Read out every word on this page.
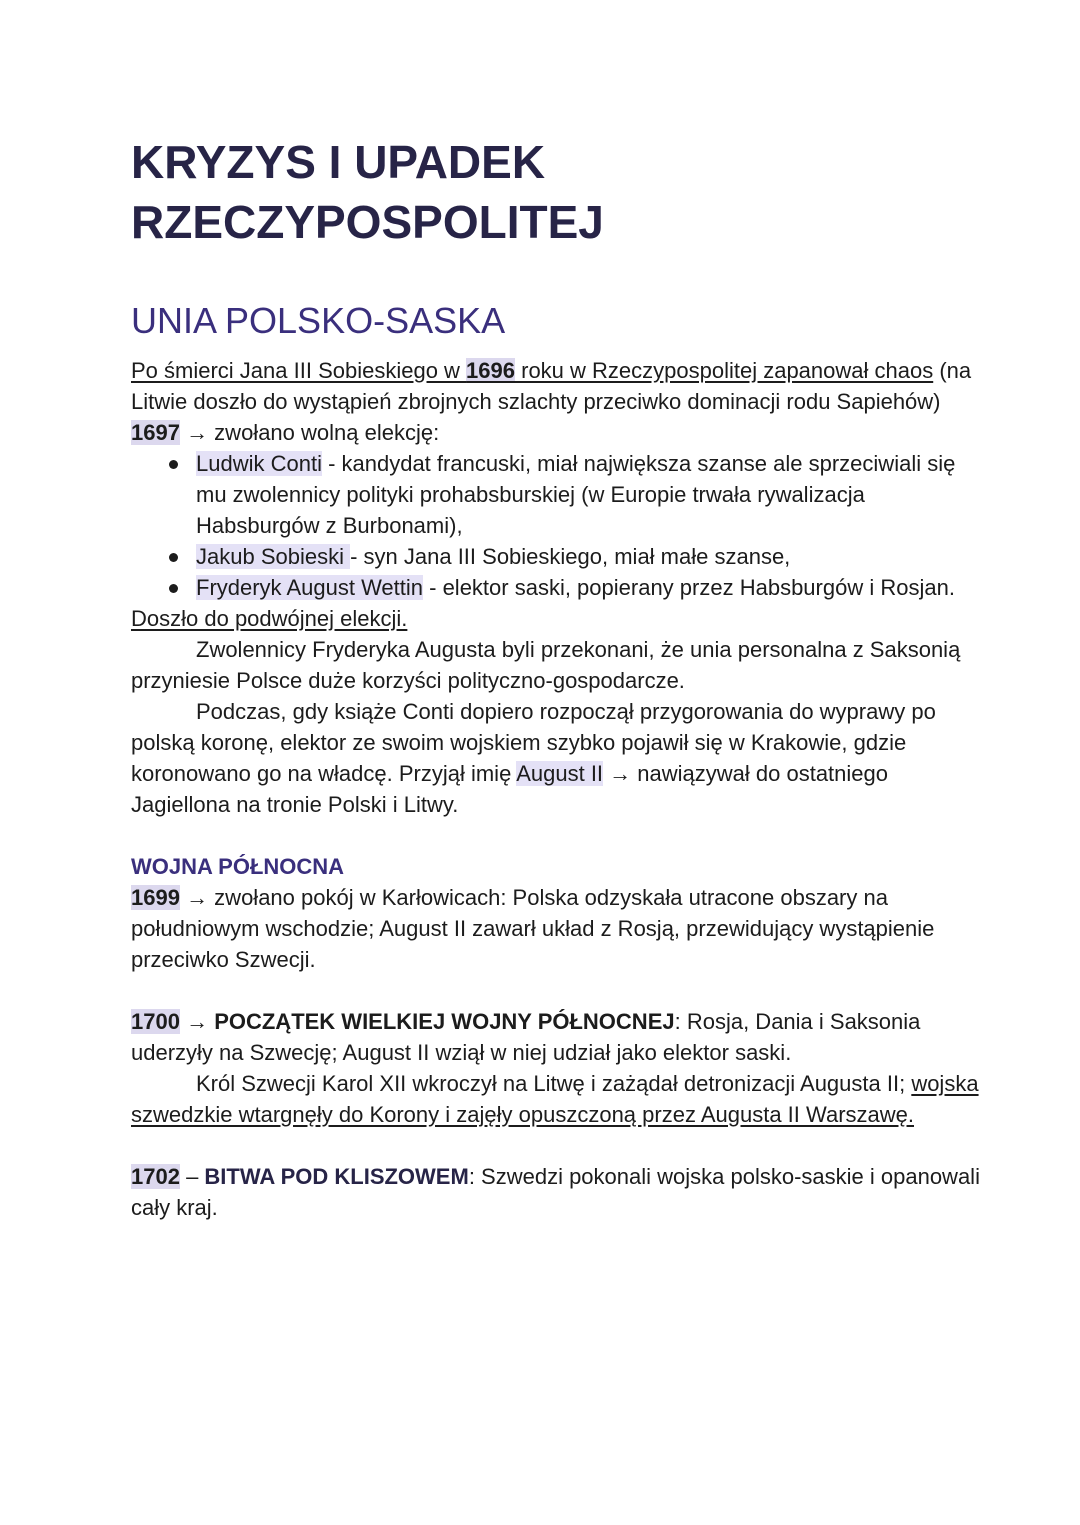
KRYZYS I UPADEK
RZECZYPOSPOLITEJ
UNIA POLSKO-SASKA

Po śmierci Jana III Sobieskiego w 1696 roku w Rzeczypospolitej zapanował chaos (na Litwie doszło do wystąpień zbrojnych szlachty przeciwko dominacji rodu Sapiehów)

1697 → zwołano wolną elekcję:

Ludwik Conti - kandydat francuski, miał największa szanse ale sprzeciwiali się mu zwolennicy polityki prohabsburskiej (w Europie trwała rywalizacja Habsburgów z Burbonami),
Jakub Sobieski - syn Jana III Sobieskiego, miał małe szanse,
Fryderyk August Wettin - elektor saski, popierany przez Habsburgów i Rosjan.

Doszło do podwójnej elekcji.

Zwolennicy Fryderyka Augusta byli przekonani, że unia personalna z Saksonią przyniesie Polsce duże korzyści polityczno-gospodarcze.

Podczas, gdy książe Conti dopiero rozpoczął przygorowania do wyprawy po polską koronę, elektor ze swoim wojskiem szybko pojawił się w Krakowie, gdzie koronowano go na władcę. Przyjął imię August II → nawiązywał do ostatniego Jagiellona na tronie Polski i Litwy.

WOJNA PÓŁNOCNA

1699 → zwołano pokój w Karłowicach: Polska odzyskała utracone obszary na południowym wschodzie; August II zawarł układ z Rosją, przewidujący wystąpienie przeciwko Szwecji.

1700 → POCZĄTEK WIELKIEJ WOJNY PÓŁNOCNEJ: Rosja, Dania i Saksonia uderzyły na Szwecję; August II wziął w niej udział jako elektor saski.

Król Szwecji Karol XII wkroczył na Litwę i zażądał detronizacji Augusta II; wojska szwedzkie wtargnęły do Korony i zajęły opuszczoną przez Augusta II Warszawę.

1702 – BITWA POD KLISZOWEM: Szwedzi pokonali wojska polsko-saskie i opanowali cały kraj.
